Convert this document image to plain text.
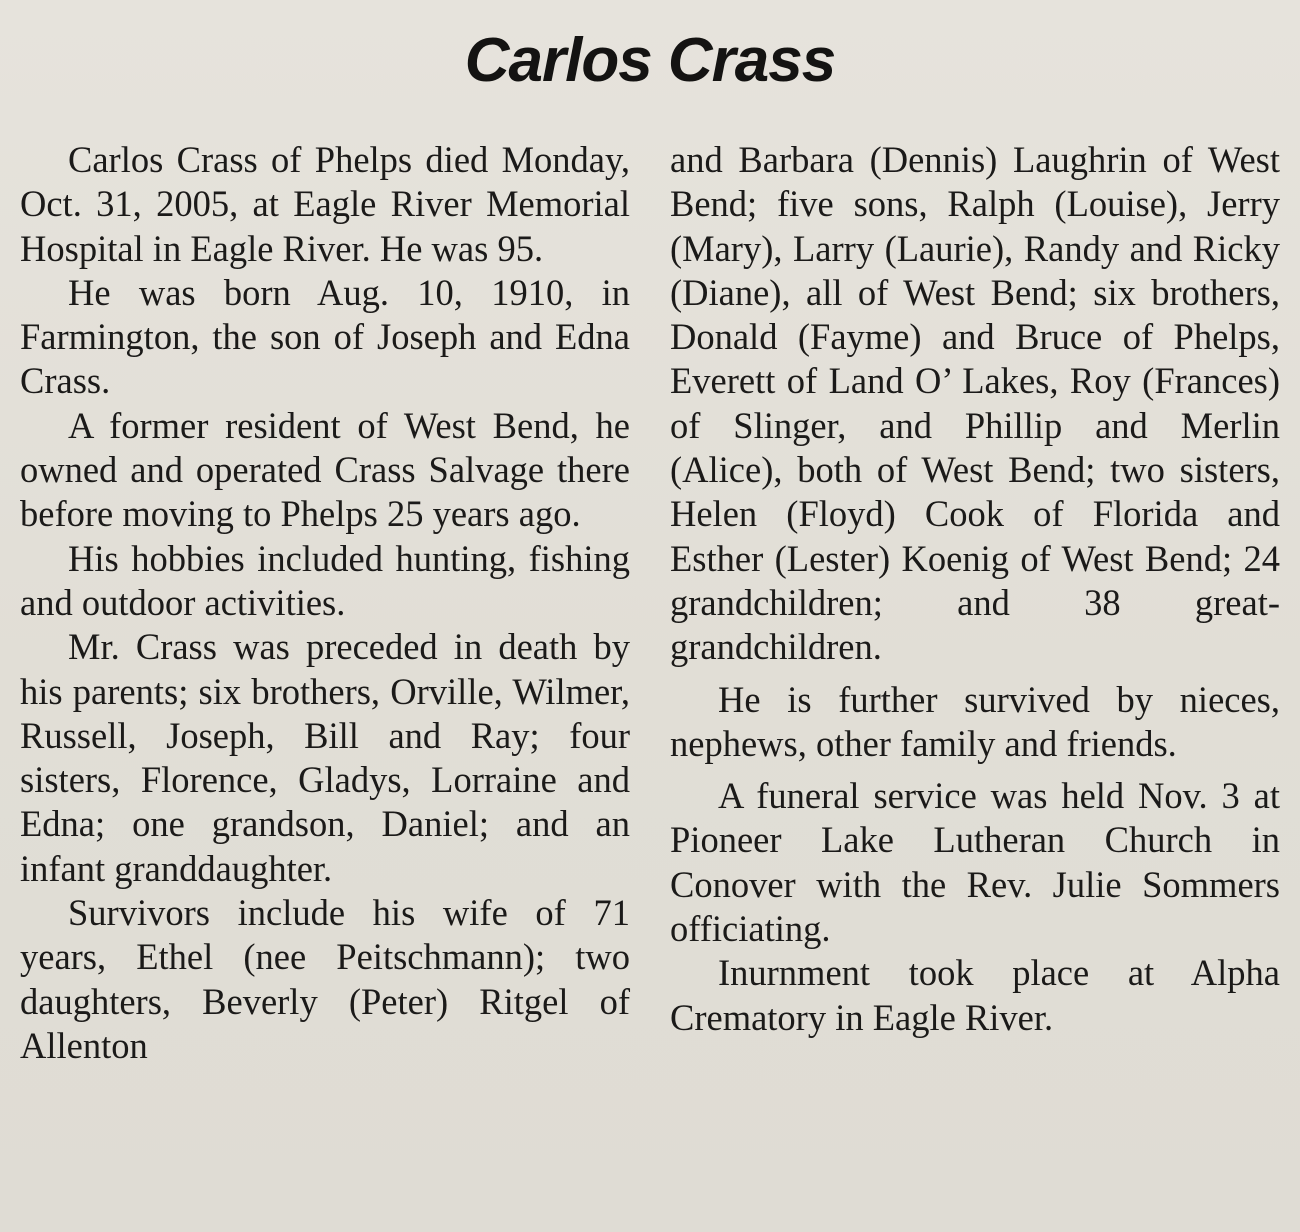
Carlos Crass

Carlos Crass of Phelps died Monday, Oct. 31, 2005, at Eagle River Memorial Hospital in Eagle River. He was 95.

He was born Aug. 10, 1910, in Farmington, the son of Joseph and Edna Crass.

A former resident of West Bend, he owned and operated Crass Salvage there before moving to Phelps 25 years ago.

His hobbies included hunting, fishing and outdoor activities.

Mr. Crass was preceded in death by his parents; six brothers, Orville, Wilmer, Russell, Joseph, Bill and Ray; four sisters, Florence, Gladys, Lorraine and Edna; one grandson, Daniel; and an infant granddaughter.

Survivors include his wife of 71 years, Ethel (nee Peitschmann); two daughters, Beverly (Peter) Ritgel of Allenton

and Barbara (Dennis) Laughrin of West Bend; five sons, Ralph (Louise), Jerry (Mary), Larry (Laurie), Randy and Ricky (Diane), all of West Bend; six brothers, Donald (Fayme) and Bruce of Phelps, Everett of Land O’ Lakes, Roy (Frances) of Slinger, and Phillip and Merlin (Alice), both of West Bend; two sisters, Helen (Floyd) Cook of Florida and Esther (Lester) Koenig of West Bend; 24 grandchildren; and 38 great-grandchildren.

He is further survived by nieces, nephews, other family and friends.

A funeral service was held Nov. 3 at Pioneer Lake Lutheran Church in Conover with the Rev. Julie Sommers officiating.

Inurnment took place at Alpha Crematory in Eagle River.
